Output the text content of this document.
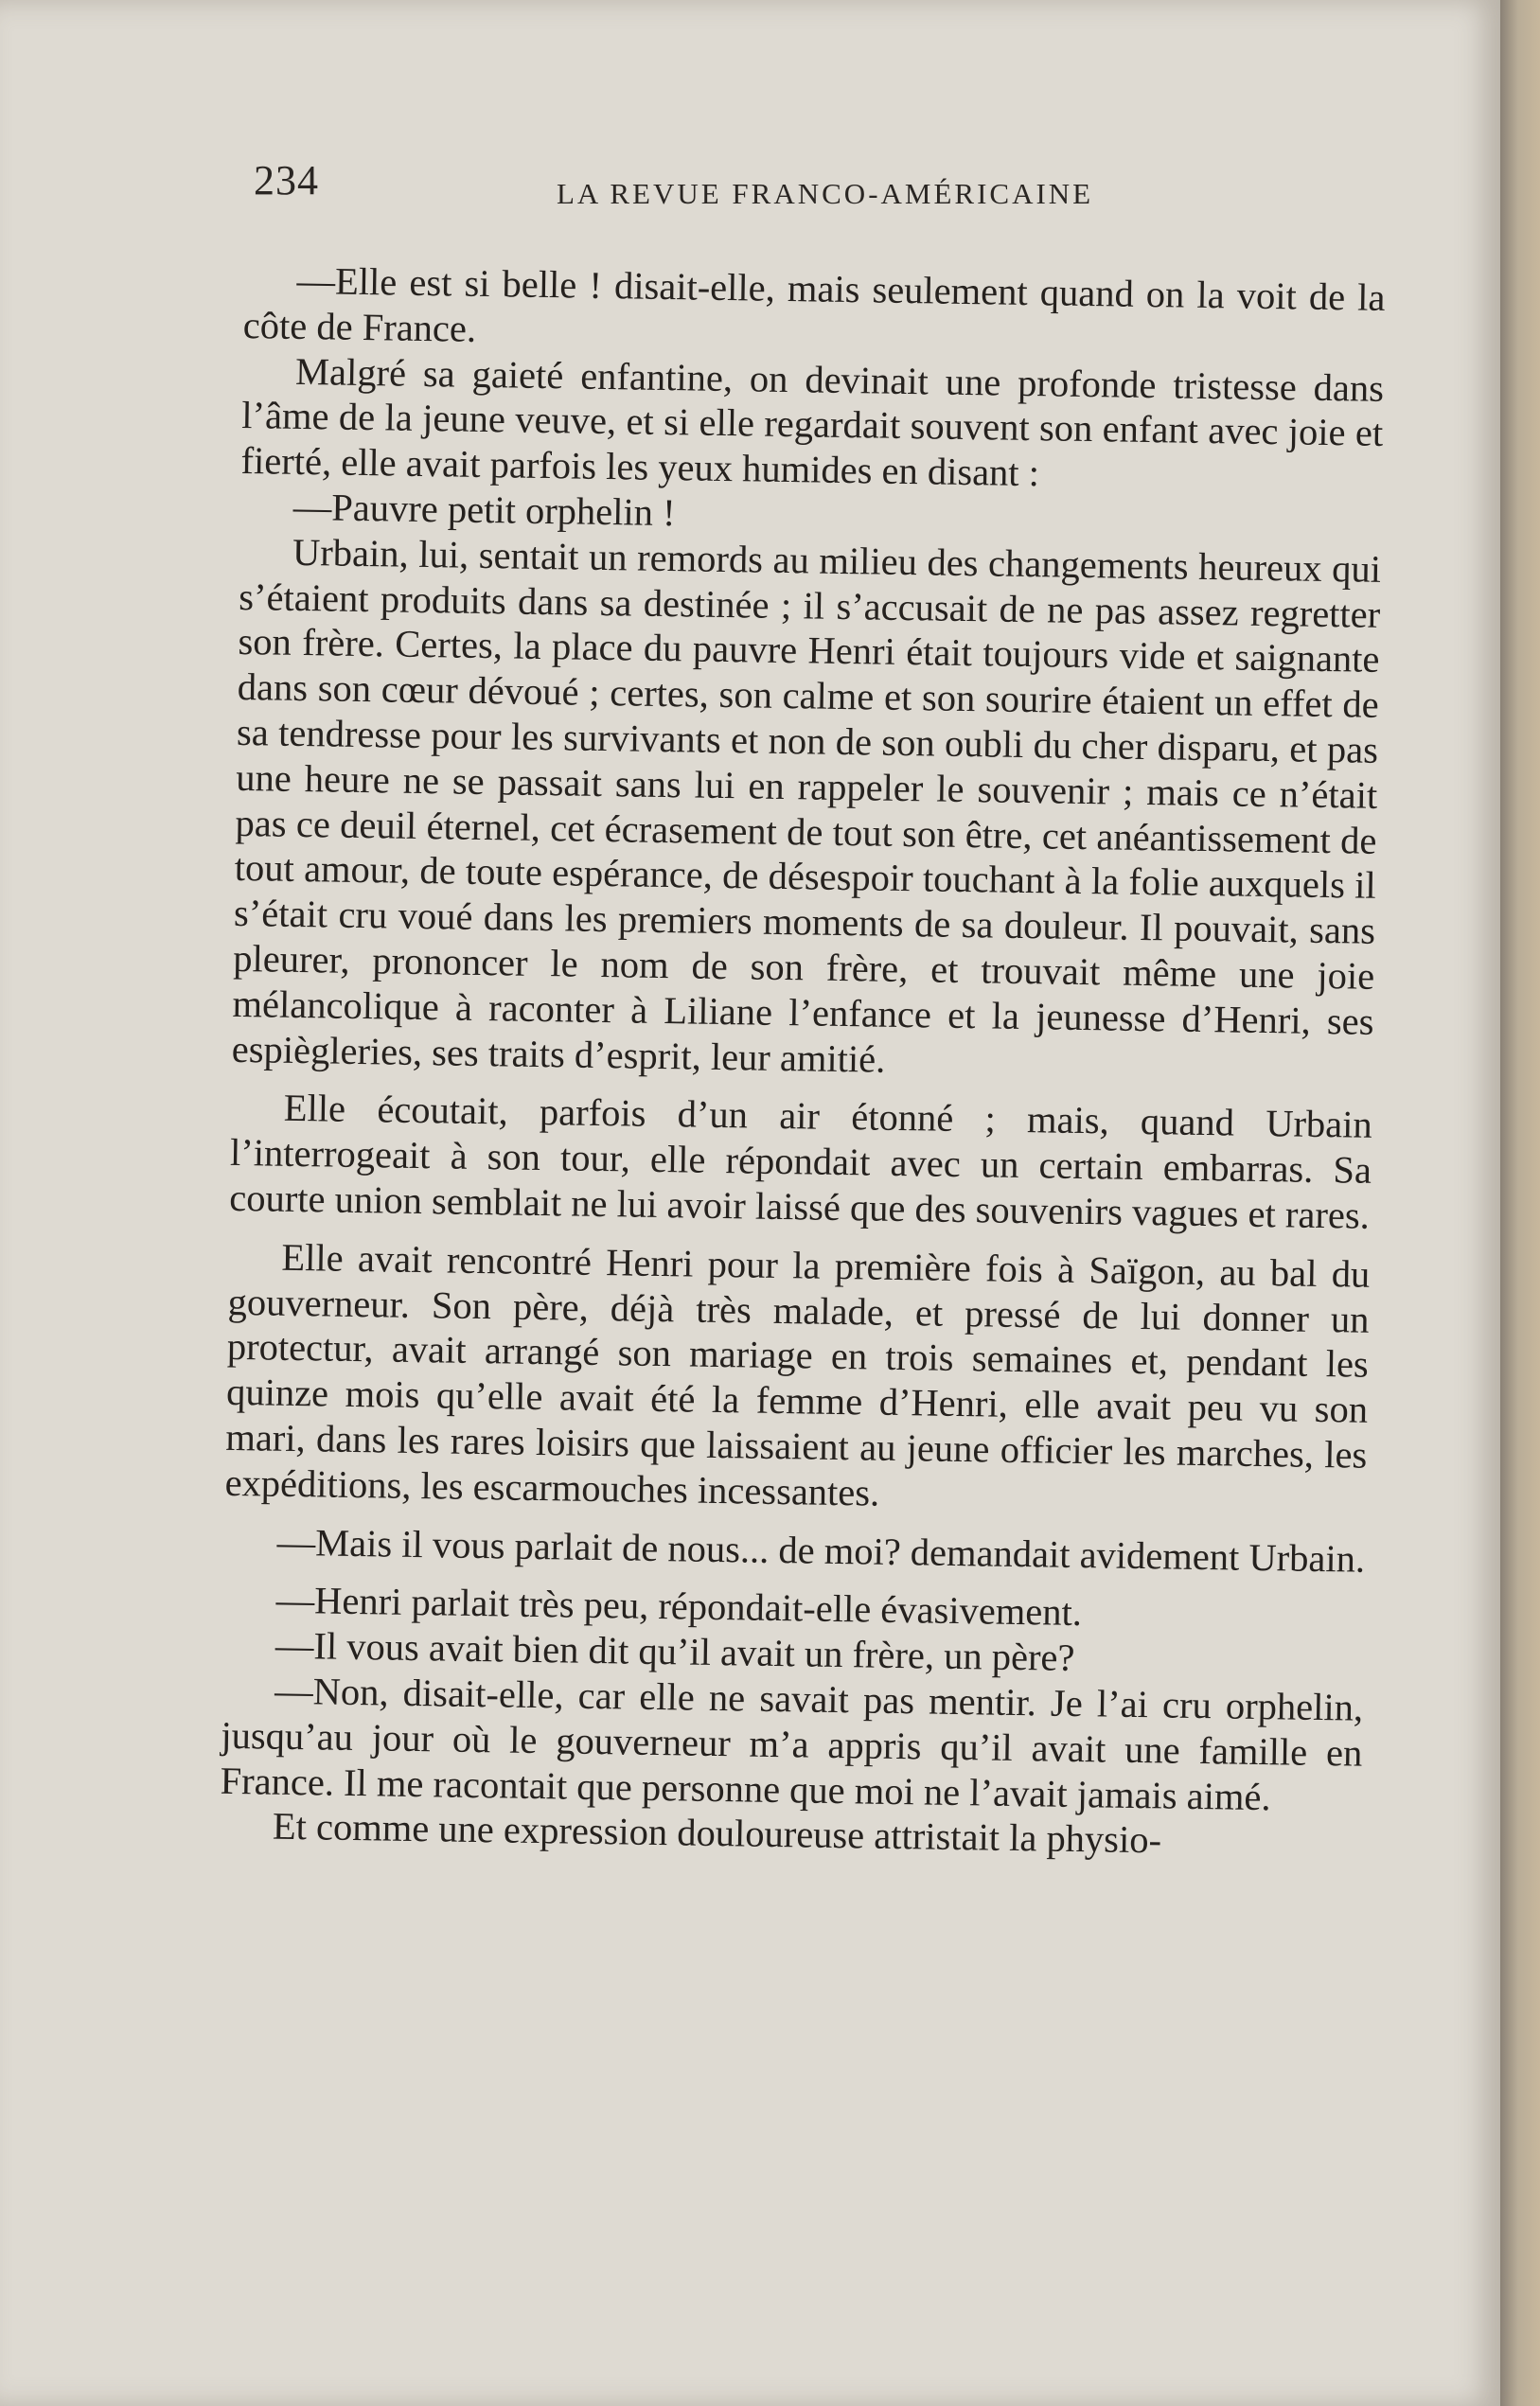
234	LA REVUE FRANCO-AMÉRICAINE

—Elle est si belle ! disait-elle, mais seulement quand on la voit de la côte de France.

Malgré sa gaieté enfantine, on devinait une profonde tristesse dans l’âme de la jeune veuve, et si elle regardait souvent son enfant avec joie et fierté, elle avait parfois les yeux humides en disant :

—Pauvre petit orphelin !

Urbain, lui, sentait un remords au milieu des changements heureux qui s’étaient produits dans sa destinée ; il s’accusait de ne pas assez regretter son frère. Certes, la place du pauvre Henri était toujours vide et saignante dans son cœur dévoué ; certes, son calme et son sourire étaient un effet de sa tendresse pour les survivants et non de son oubli du cher disparu, et pas une heure ne se passait sans lui en rappeler le souvenir ; mais ce n’était pas ce deuil éternel, cet écrasement de tout son être, cet anéantissement de tout amour, de toute espérance, de désespoir touchant à la folie auxquels il s’était cru voué dans les premiers moments de sa douleur. Il pouvait, sans pleurer, prononcer le nom de son frère, et trouvait même une joie mélancolique à raconter à Liliane l’enfance et la jeunesse d’Henri, ses espiègleries, ses traits d’esprit, leur amitié.

Elle écoutait, parfois d’un air étonné ; mais, quand Urbain l’interrogeait à son tour, elle répondait avec un certain embarras. Sa courte union semblait ne lui avoir laissé que des souvenirs vagues et rares.

Elle avait rencontré Henri pour la première fois à Saïgon, au bal du gouverneur. Son père, déjà très malade, et pressé de lui donner un protectur, avait arrangé son mariage en trois semaines et, pendant les quinze mois qu’elle avait été la femme d’Henri, elle avait peu vu son mari, dans les rares loisirs que laissaient au jeune officier les marches, les expéditions, les escarmouches incessantes.

—Mais il vous parlait de nous... de moi? demandait avidement Urbain.

—Henri parlait très peu, répondait-elle évasivement.

—Il vous avait bien dit qu’il avait un frère, un père?

—Non, disait-elle, car elle ne savait pas mentir. Je l’ai cru orphelin, jusqu’au jour où le gouverneur m’a appris qu’il avait une famille en France. Il me racontait que personne que moi ne l’avait jamais aimé.

Et comme une expression douloureuse attristait la physio-
